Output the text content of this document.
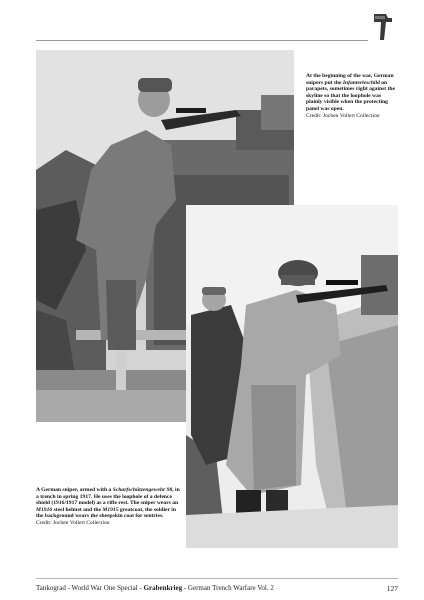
At the beginning of the war, German snipers put the Infanterieschild on parapets, sometimes right against the skyline so that the loophole was plainly visible when the protecting panel was open.
Credit: Jochen Vollert Collection
A German sniper, armed with a Scharfschützengewehr 98, in a trench in spring 1917. He uses the loophole of a defence shield (1916/1917 model) as a rifle rest. The sniper wears an M1916 steel helmet and the M1915 greatcoat, the soldier in the background wears the sheepskin coat for sentries.
Credit: Jochen Vollert Collection
Tankograd - World War One Special - Grabenkrieg - German Trench Warfare Vol. 2	127
